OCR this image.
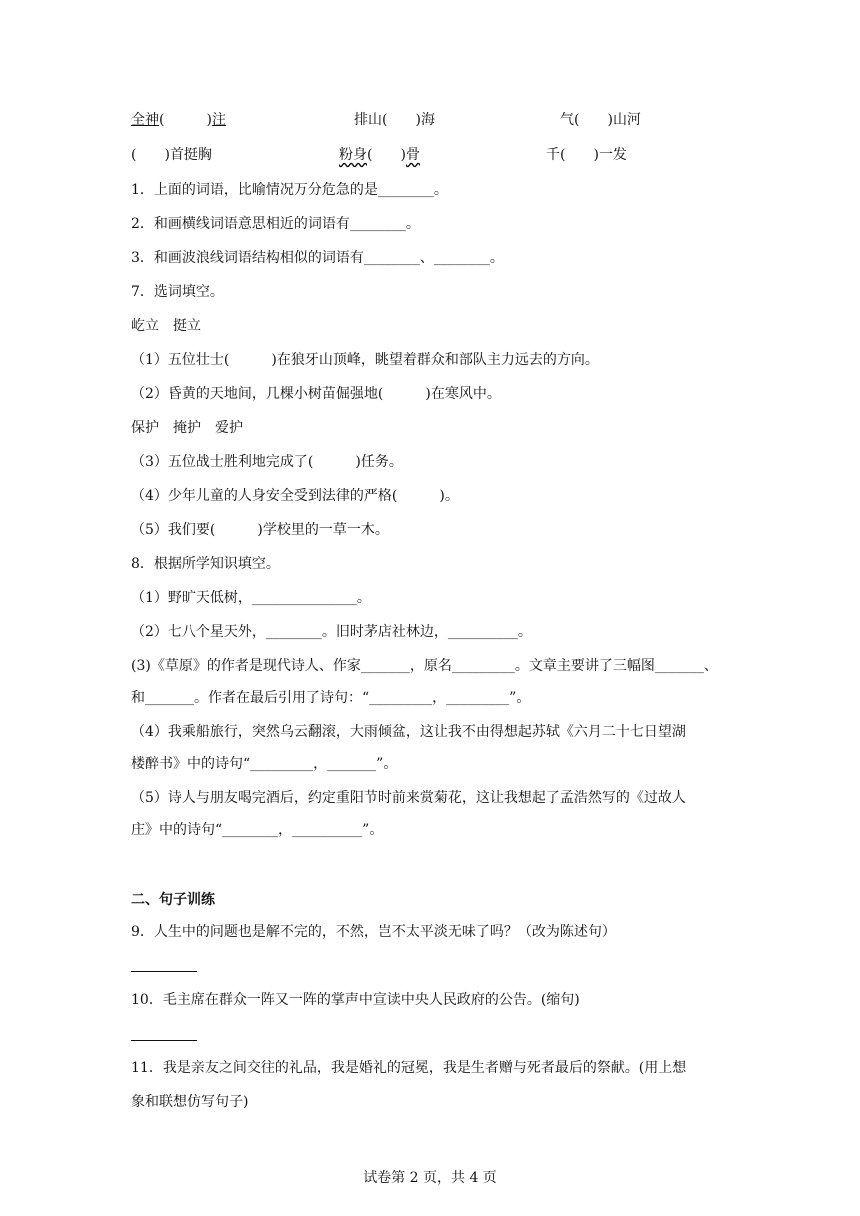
全神(　　　)注	排山(　　)海	气(　　)山河
(　　)首挺胸	粉身(　　)骨	千(　　)一发
1．上面的词语，比喻情况万分危急的是________。
2．和画横线词语意思相近的词语有________。
3．和画波浪线词语结构相似的词语有________、________。
7．选词填空。
屹立　挺立
（1）五位壮士(　　　)在狼牙山顶峰，眺望着群众和部队主力远去的方向。
（2）昏黄的天地间，几棵小树苗倔强地(　　　)在寒风中。
保护　掩护　爱护
（3）五位战士胜利地完成了(　　　)任务。
（4）少年儿童的人身安全受到法律的严格(　　　)。
（5）我们要(　　　)学校里的一草一木。
8．根据所学知识填空。
（1）野旷天低树，_______________。
（2）七八个星天外，________。旧时茅店社林边，__________。
(3)《草原》的作者是现代诗人、作家_______，原名_________。文章主要讲了三幅图_______、
和_______。作者在最后引用了诗句：“_________，_________”。
（4）我乘船旅行，突然乌云翻滚，大雨倾盆，这让我不由得想起苏轼《六月二十七日望湖
楼醉书》中的诗句“_________，_______”。
（5）诗人与朋友喝完酒后，约定重阳节时前来赏菊花，这让我想起了孟浩然写的《过故人
庄》中的诗句“________，__________”。
二、句子训练
9．人生中的问题也是解不完的，不然，岂不太平淡无味了吗？（改为陈述句）
10．毛主席在群众一阵又一阵的掌声中宣读中央人民政府的公告。(缩句)
11．我是亲友之间交往的礼品，我是婚礼的冠冕，我是生者赠与死者最后的祭献。(用上想
象和联想仿写句子)
试卷第 2 页，共 4 页
